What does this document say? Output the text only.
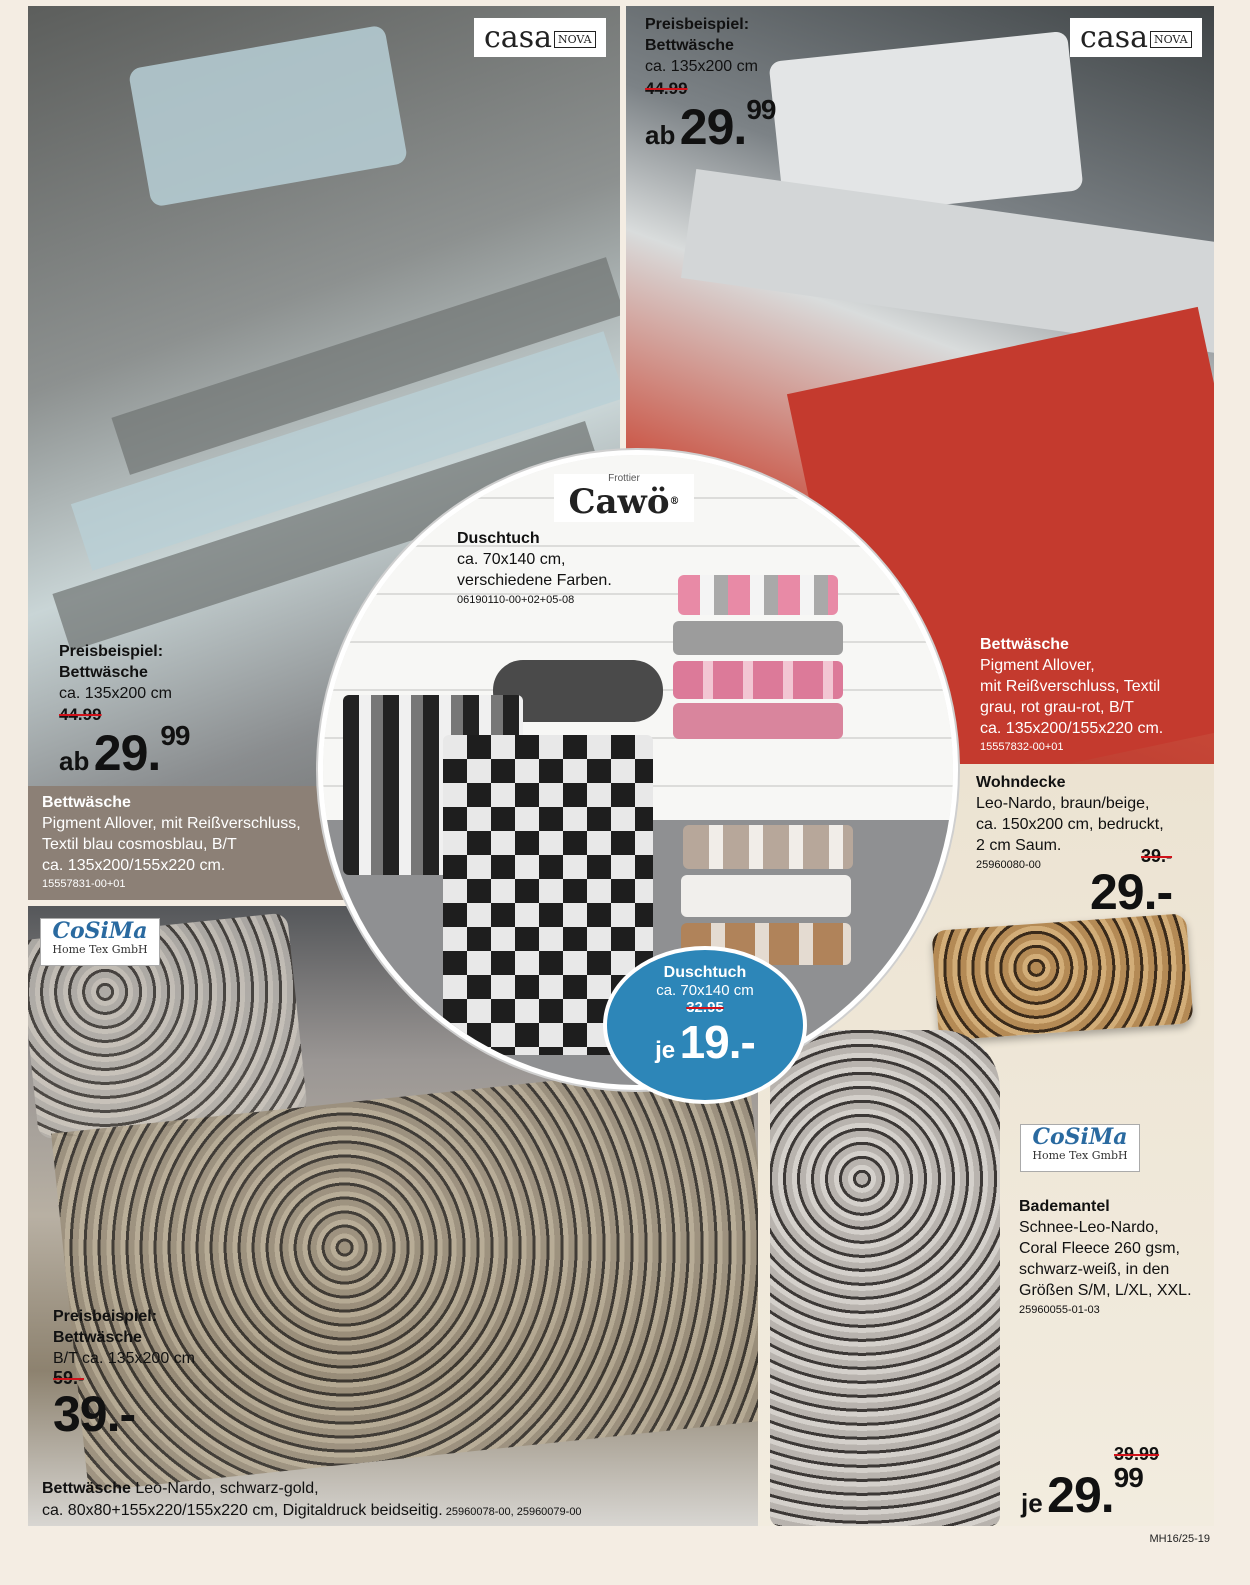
casa NOVA	casa NOVA
Frottier
Cawö®
CoSiMa
Home Tex GmbH
CoSiMa
Home Tex GmbH
Preisbeispiel:
Bettwäsche
ca. 135x200 cm
44.99
ab 29.99
Bettwäsche
Pigment Allover,
mit Reißverschluss, Textil
grau, rot grau-rot, B/T
ca. 135x200/155x220 cm.
15557832-00+01
Preisbeispiel:
Bettwäsche
ca. 135x200 cm
44.99
ab 29.99
Bettwäsche
Pigment Allover, mit Reißverschluss,
Textil blau cosmosblau, B/T
ca. 135x200/155x220 cm.
15557831-00+01
Duschtuch
ca. 70x140 cm,
verschiedene Farben.
06190110-00+02+05-08
Duschtuch
ca. 70x140 cm
32.95
je 19.-
Wohndecke
Leo-Nardo, braun/beige,
ca. 150x200 cm, bedruckt,
2 cm Saum.
25960080-00	39.-
29.-
Preisbeispiel:
Bettwäsche
B/T ca. 135x200 cm
59.-
39.-
Bettwäsche Leo-Nardo, schwarz-gold,
ca. 80x80+155x220/155x220 cm, Digitaldruck beidseitig. 25960078-00, 25960079-00
Bademantel
Schnee-Leo-Nardo,
Coral Fleece 260 gsm,
schwarz-weiß, in den
Größen S/M, L/XL, XXL.
25960055-01-03
39.99
je 29.99
MH16/25-19
